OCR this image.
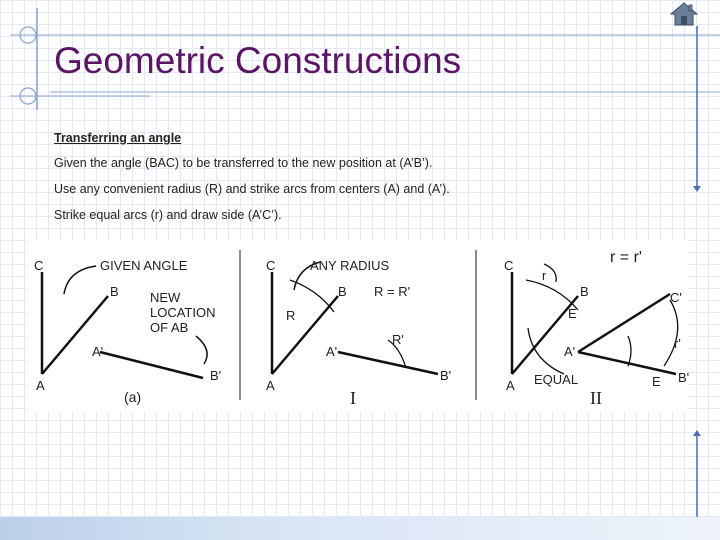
Geometric Constructions
Transferring an angle
Given the angle (BAC) to be transferred to the new position at (A’B’).
Use any convenient radius (R) and strike arcs from centers (A) and (A’).
Strike equal arcs (r) and draw side (A’C’).
C
B
A
A'
B'
GIVEN ANGLE
NEW
LOCATION
OF AB
(a)
C
B
A
A'
B'
R
R'
ANY RADIUS
R = R'
I
C
B
E
A
A'
C'
E B'
r
r'
EQUAL
r = r'
II
